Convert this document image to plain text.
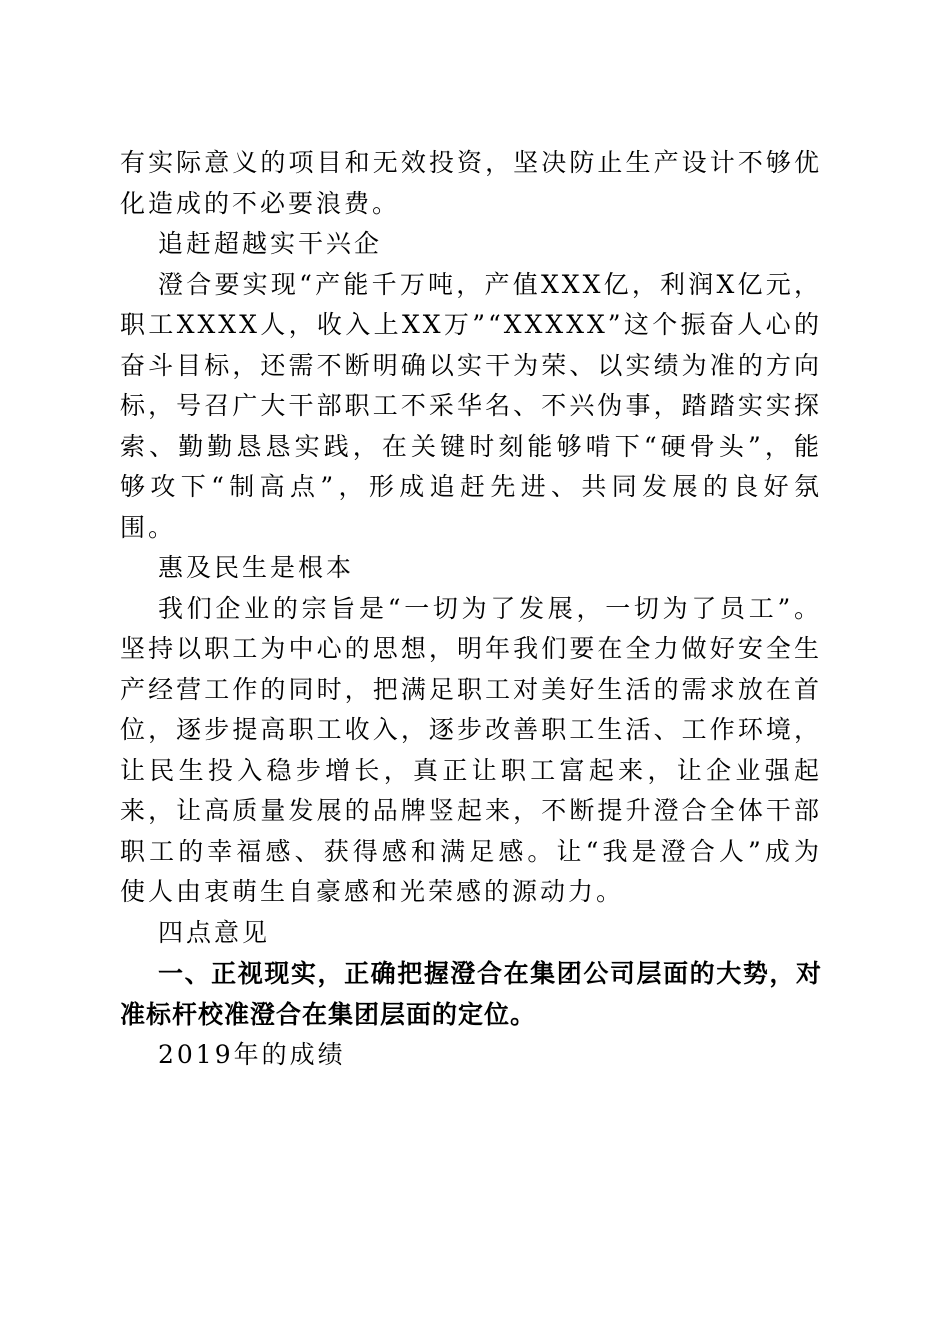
有实际意义的项目和无效投资，坚决防止生产设计不够优化造成的不必要浪费。

追赶超越实干兴企

澄合要实现“产能千万吨，产值XXX亿，利润X亿元，职工XXXX人，收入上XX万”“XXXXX”这个振奋人心的奋斗目标，还需不断明确以实干为荣、以实绩为准的方向标，号召广大干部职工不采华名、不兴伪事，踏踏实实探索、勤勤恳恳实践，在关键时刻能够啃下“硬骨头”，能够攻下“制高点”，形成追赶先进、共同发展的良好氛围。

惠及民生是根本

我们企业的宗旨是“一切为了发展，一切为了员工”。坚持以职工为中心的思想，明年我们要在全力做好安全生产经营工作的同时，把满足职工对美好生活的需求放在首位，逐步提高职工收入，逐步改善职工生活、工作环境，让民生投入稳步增长，真正让职工富起来，让企业强起来，让高质量发展的品牌竖起来，不断提升澄合全体干部职工的幸福感、获得感和满足感。让“我是澄合人”成为使人由衷萌生自豪感和光荣感的源动力。

四点意见

一、正视现实，正确把握澄合在集团公司层面的大势，对准标杆校准澄合在集团层面的定位。

2019年的成绩
